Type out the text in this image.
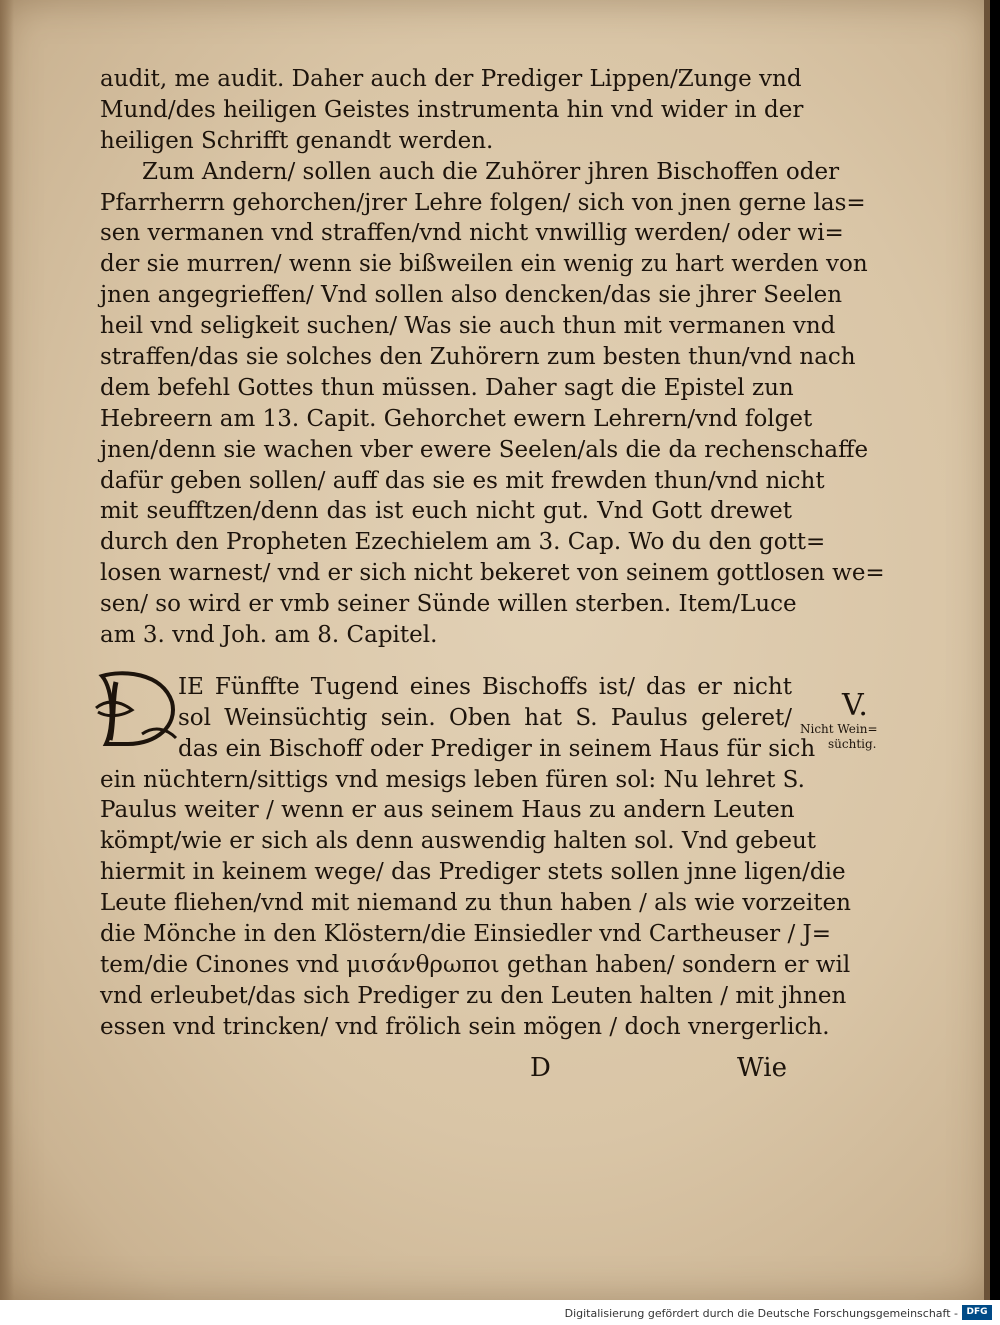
audit, me audit. Daher auch der Prediger Lippen/Zunge vnd
Mund/des heiligen Geistes instrumenta hin vnd wider in der
heiligen Schrifft genandt werden.
Zum Andern/ sollen auch die Zuhörer jhren Bischoffen oder
Pfarrherrn gehorchen/jrer Lehre folgen/ sich von jnen gerne las=
sen vermanen vnd straffen/vnd nicht vnwillig werden/ oder wi=
der sie murren/ wenn sie bißweilen ein wenig zu hart werden von
jnen angegrieffen/ Vnd sollen also dencken/das sie jhrer Seelen
heil vnd seligkeit suchen/ Was sie auch thun mit vermanen vnd
straffen/das sie solches den Zuhörern zum besten thun/vnd nach
dem befehl Gottes thun müssen. Daher sagt die Epistel zun
Hebreern am 13. Capit. Gehorchet ewern Lehrern/vnd folget
jnen/denn sie wachen vber ewere Seelen/als die da rechenschaffe
dafür geben sollen/ auff das sie es mit frewden thun/vnd nicht
mit seufftzen/denn das ist euch nicht gut. Vnd Gott drewet
durch den Propheten Ezechielem am 3. Cap. Wo du den gott=
losen warnest/ vnd er sich nicht bekeret von seinem gottlosen we=
sen/ so wird er vmb seiner Sünde willen sterben. Item/Luce
am 3. vnd Joh. am 8. Capitel.
IE Fünffte Tugend eines Bischoffs ist/ das er nicht
sol Weinsüchtig sein. Oben hat S. Paulus geleret/
das ein Bischoff oder Prediger in seinem Haus für sich
ein nüchtern/sittigs vnd mesigs leben füren sol: Nu lehret S.
Paulus weiter / wenn er aus seinem Haus zu andern Leuten
kömpt/wie er sich als denn auswendig halten sol. Vnd gebeut
hiermit in keinem wege/ das Prediger stets sollen jnne ligen/die
Leute fliehen/vnd mit niemand zu thun haben / als wie vorzeiten
die Mönche in den Klöstern/die Einsiedler vnd Cartheuser / J=
tem/die Cinones vnd μισάνθρωποι gethan haben/ sondern er wil
vnd erleubet/das sich Prediger zu den Leuten halten / mit jhnen
essen vnd trincken/ vnd frölich sein mögen / doch vnergerlich.
V.
Nicht Wein=
süchtig.
D	Wie
Digitalisierung gefördert durch die Deutsche Forschungsgemeinschaft - DFG
